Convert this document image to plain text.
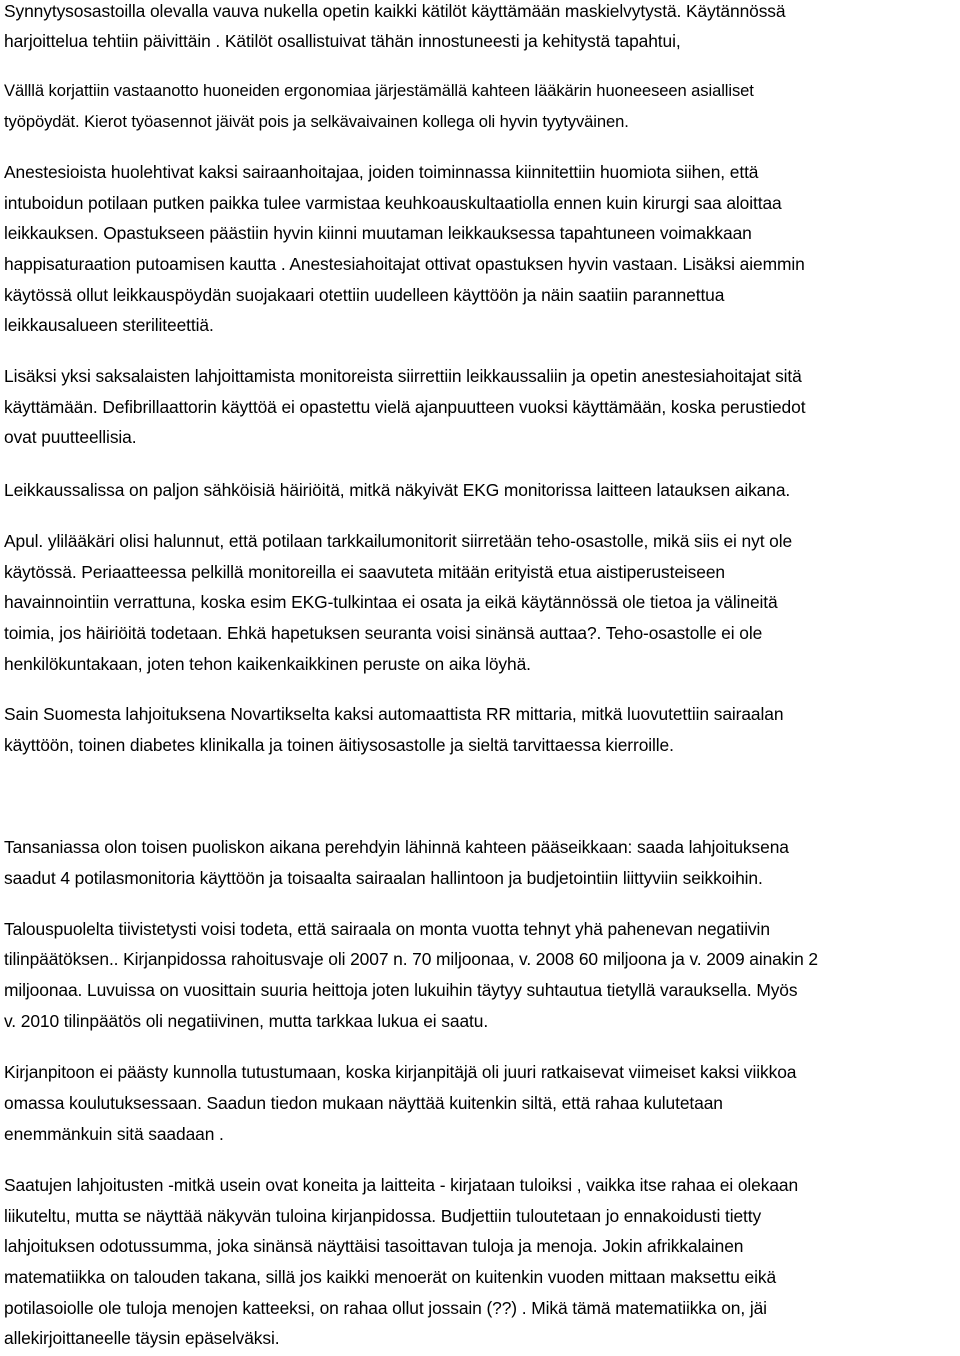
Synnytysosastoilla olevalla vauva nukella opetin kaikki kätilöt käyttämään maskielvytystä. Käytännössä
harjoittelua tehtiin päivittäin . Kätilöt osallistuivat tähän innostuneesti ja kehitystä tapahtui,
Välllä korjattiin vastaanotto huoneiden ergonomiaa järjestämällä kahteen lääkärin huoneeseen asialliset
työpöydät. Kierot työasennot jäivät pois ja selkävaivainen kollega oli hyvin tyytyväinen.
Anestesioista huolehtivat kaksi sairaanhoitajaa, joiden toiminnassa kiinnitettiin huomiota siihen, että
intuboidun potilaan putken paikka tulee varmistaa keuhkoauskultaatiolla ennen kuin kirurgi saa aloittaa
leikkauksen. Opastukseen päästiin hyvin kiinni muutaman leikkauksessa tapahtuneen voimakkaan
happisaturaation putoamisen kautta . Anestesiahoitajat ottivat opastuksen hyvin vastaan. Lisäksi aiemmin
käytössä ollut leikkauspöydän suojakaari otettiin uudelleen käyttöön ja näin saatiin parannettua
leikkausalueen steriliteettiä.
Lisäksi yksi saksalaisten lahjoittamista monitoreista siirrettiin leikkaussaliin ja opetin anestesiahoitajat sitä
käyttämään. Defibrillaattorin käyttöä ei opastettu vielä ajanpuutteen vuoksi käyttämään, koska perustiedot
ovat puutteellisia.
Leikkaussalissa on paljon sähköisiä häiriöitä, mitkä näkyivät EKG monitorissa laitteen latauksen aikana.
Apul. ylilääkäri olisi halunnut, että potilaan tarkkailumonitorit siirretään teho-osastolle, mikä siis ei nyt ole
käytössä. Periaatteessa pelkillä monitoreilla ei saavuteta mitään erityistä etua aistiperusteiseen
havainnointiin verrattuna, koska esim EKG-tulkintaa ei osata ja eikä käytännössä ole tietoa ja välineitä
toimia, jos häiriöitä todetaan. Ehkä hapetuksen seuranta voisi sinänsä auttaa?. Teho-osastolle ei ole
henkilökuntakaan, joten tehon kaikenkaikkinen peruste on aika löyhä.
Sain Suomesta lahjoituksena Novartikselta kaksi automaattista RR mittaria, mitkä luovutettiin sairaalan
käyttöön, toinen diabetes klinikalla ja toinen äitiysosastolle ja sieltä tarvittaessa kierroille.
Tansaniassa olon toisen puoliskon aikana perehdyin lähinnä kahteen pääseikkaan: saada lahjoituksena
saadut 4 potilasmonitoria käyttöön ja toisaalta sairaalan hallintoon ja budjetointiin liittyviin seikkoihin.
Talouspuolelta tiivistetysti voisi todeta, että sairaala on monta vuotta tehnyt yhä pahenevan negatiivin
tilinpäätöksen.. Kirjanpidossa rahoitusvaje oli 2007 n. 70 miljoonaa, v. 2008 60 miljoona ja v. 2009 ainakin 2
miljoonaa. Luvuissa on vuosittain suuria heittoja joten lukuihin täytyy suhtautua tietyllä varauksella. Myös
v. 2010 tilinpäätös oli negatiivinen, mutta tarkkaa lukua ei saatu.
Kirjanpitoon ei päästy kunnolla tutustumaan, koska kirjanpitäjä oli juuri ratkaisevat viimeiset kaksi viikkoa
omassa koulutuksessaan. Saadun tiedon mukaan näyttää kuitenkin siltä, että rahaa kulutetaan
enemmänkuin sitä saadaan .
Saatujen lahjoitusten -mitkä usein ovat koneita ja laitteita - kirjataan tuloiksi , vaikka itse rahaa ei olekaan
liikuteltu, mutta se näyttää näkyvän tuloina kirjanpidossa. Budjettiin tuloutetaan jo ennakoidusti tietty
lahjoituksen odotussumma, joka sinänsä näyttäisi tasoittavan tuloja ja menoja. Jokin afrikkalainen
matematiikka on talouden takana, sillä jos kaikki menoerät on kuitenkin vuoden mittaan maksettu eikä
potilasoiolle ole tuloja menojen katteeksi, on rahaa ollut jossain (??) . Mikä tämä matematiikka on, jäi
allekirjoittaneelle täysin epäselväksi.
